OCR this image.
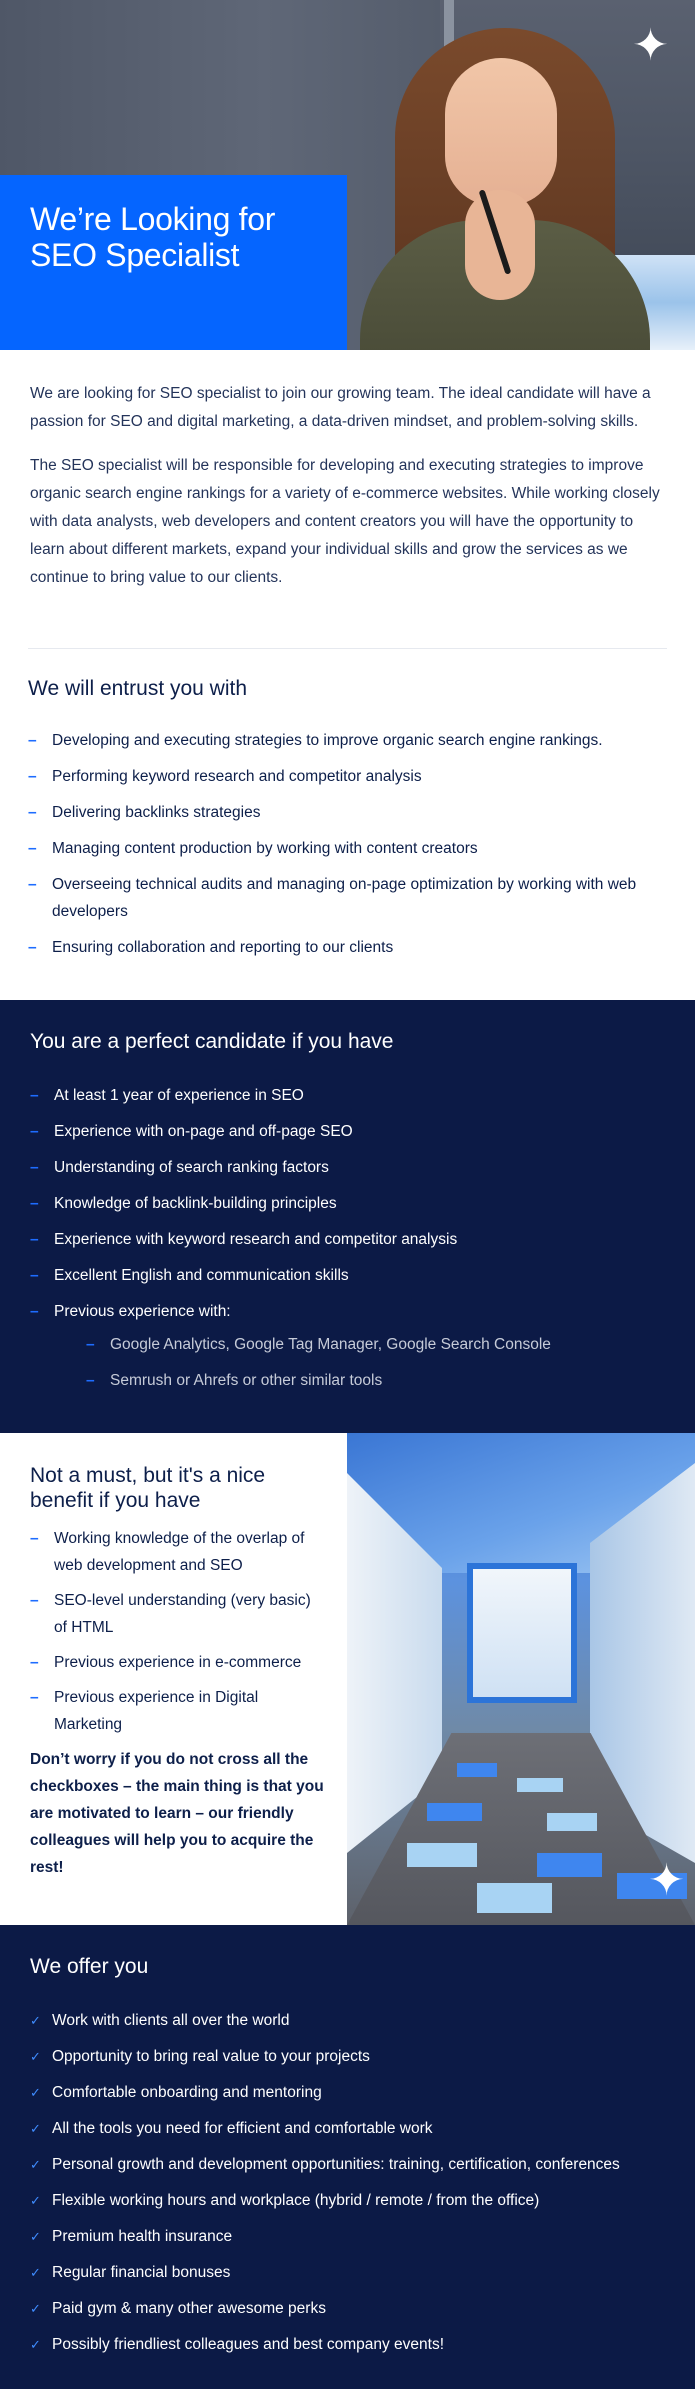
✦
We’re Looking for
SEO Specialist

We are looking for SEO specialist to join our growing team. The ideal candidate will have a passion for SEO and digital marketing, a data-driven mindset, and problem-solving skills.

The SEO specialist will be responsible for developing and executing strategies to improve organic search engine rankings for a variety of e-commerce websites. While working closely with data analysts, web developers and content creators you will have the opportunity to learn about different markets, expand your individual skills and grow the services as we continue to bring value to our clients.

We will entrust you with
– Developing and executing strategies to improve organic search engine rankings.
– Performing keyword research and competitor analysis
– Delivering backlinks strategies
– Managing content production by working with content creators
– Overseeing technical audits and managing on-page optimization by working with web developers
– Ensuring collaboration and reporting to our clients
You are a perfect candidate if you have
– At least 1 year of experience in SEO
– Experience with on-page and off-page SEO
– Understanding of search ranking factors
– Knowledge of backlink-building principles
– Experience with keyword research and competitor analysis
– Excellent English and communication skills
– Previous experience with:
– Google Analytics, Google Tag Manager, Google Search Console
– Semrush or Ahrefs or other similar tools
Not a must, but it's a nice benefit if you have
– Working knowledge of the overlap of web development and SEO
– SEO-level understanding (very basic) of HTML
– Previous experience in e-commerce
– Previous experience in Digital Marketing

Don’t worry if you do not cross all the checkboxes – the main thing is that you are motivated to learn – our friendly colleagues will help you to acquire the rest!	✦
We offer you
✓ Work with clients all over the world
✓ Opportunity to bring real value to your projects
✓ Comfortable onboarding and mentoring
✓ All the tools you need for efficient and comfortable work
✓ Personal growth and development opportunities: training, certification, conferences
✓ Flexible working hours and workplace (hybrid / remote / from the office)
✓ Premium health insurance
✓ Regular financial bonuses
✓ Paid gym & many other awesome perks
✓ Possibly friendliest colleagues and best company events!
